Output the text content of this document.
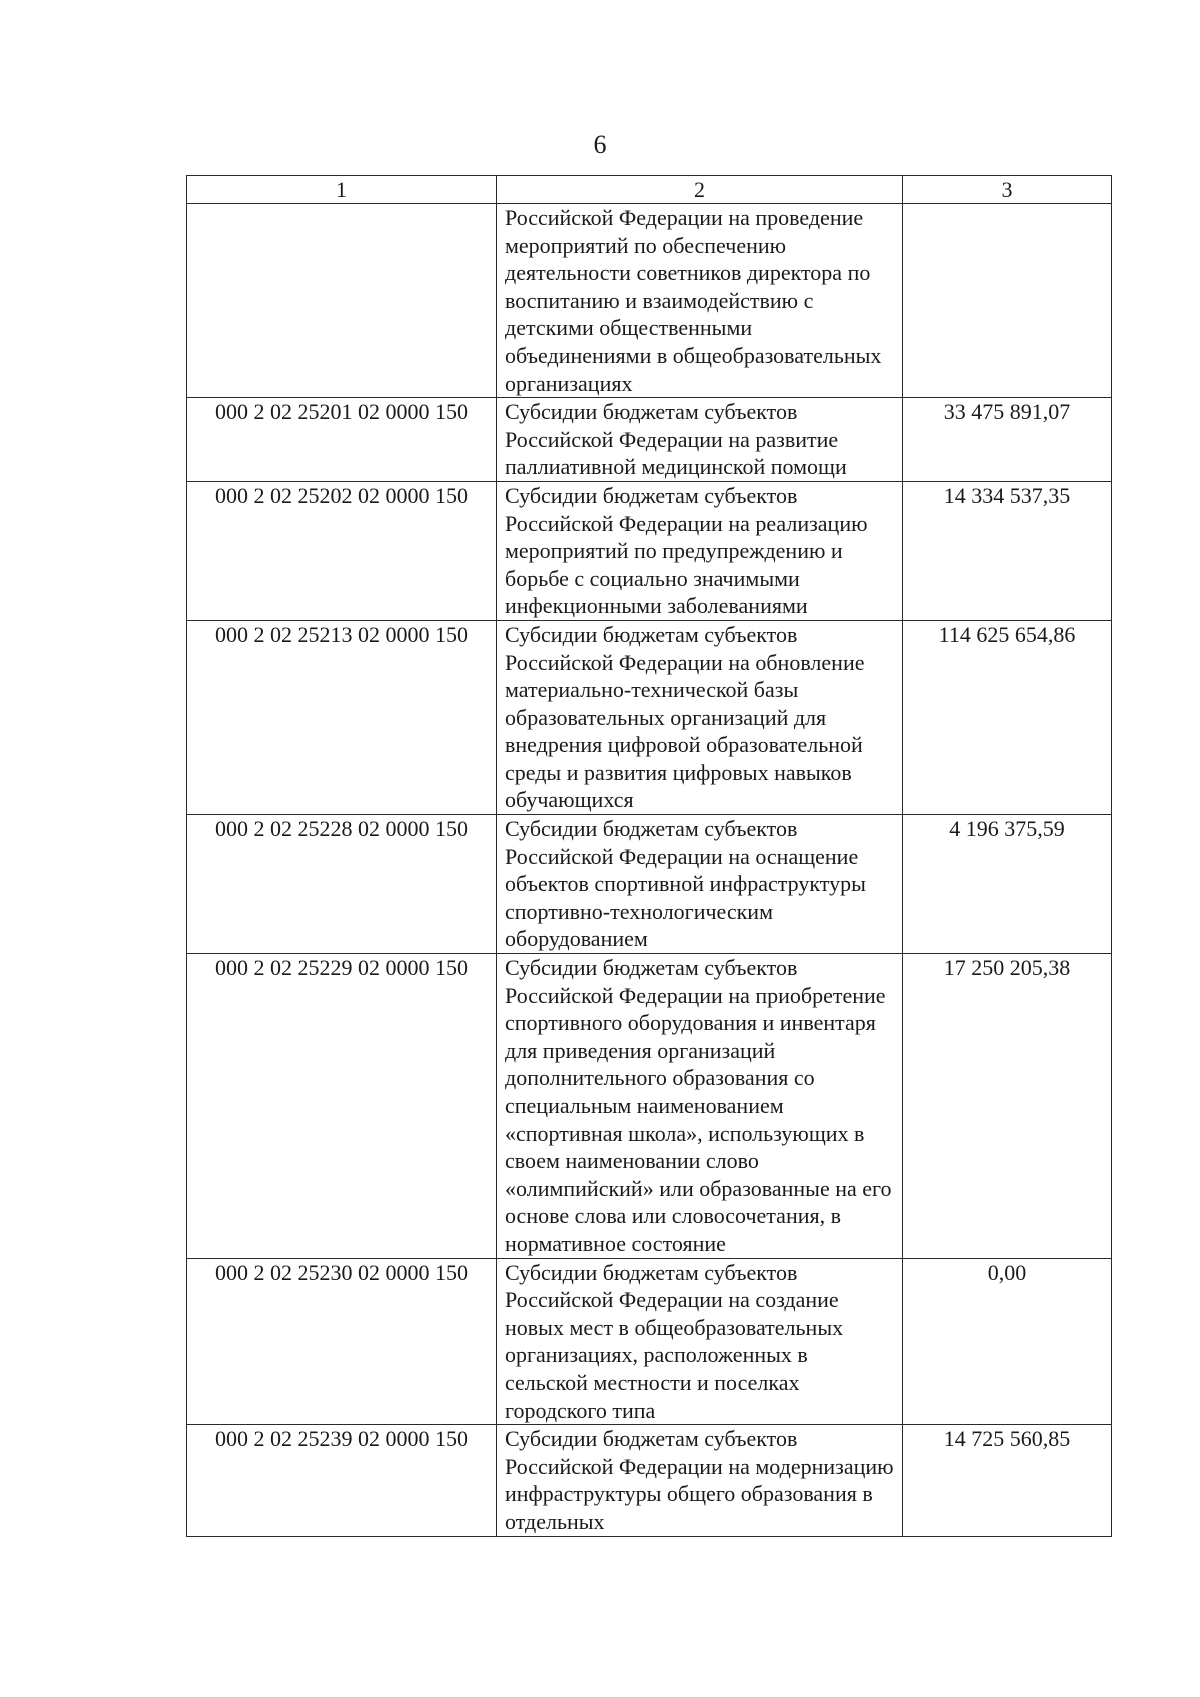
6
1	2	3
	Российской Федерации на проведение мероприятий по обеспечению деятельности советников директора по воспитанию и взаимодействию с детскими общественными объединениями в общеобразовательных организациях	
000 2 02 25201 02 0000 150	Субсидии бюджетам субъектов Российской Федерации на развитие паллиативной медицинской помощи	33 475 891,07
000 2 02 25202 02 0000 150	Субсидии бюджетам субъектов Российской Федерации на реализацию мероприятий по предупреждению и борьбе с социально значимыми инфекционными заболеваниями	14 334 537,35
000 2 02 25213 02 0000 150	Субсидии бюджетам субъектов Российской Федерации на обновление материально-технической базы образовательных организаций для внедрения цифровой образовательной среды и развития цифровых навыков обучающихся	114 625 654,86
000 2 02 25228 02 0000 150	Субсидии бюджетам субъектов Российской Федерации на оснащение объектов спортивной инфраструктуры спортивно-технологическим оборудованием	4 196 375,59
000 2 02 25229 02 0000 150	Субсидии бюджетам субъектов Российской Федерации на приобретение спортивного оборудования и инвентаря для приведения организаций дополнительного образования со специальным наименованием «спортивная школа», использующих в своем наименовании слово «олимпийский» или образованные на его основе слова или словосочетания, в нормативное состояние	17 250 205,38
000 2 02 25230 02 0000 150	Субсидии бюджетам субъектов Российской Федерации на создание новых мест в общеобразовательных организациях, расположенных в сельской местности и поселках городского типа	0,00
000 2 02 25239 02 0000 150	Субсидии бюджетам субъектов Российской Федерации на модернизацию инфраструктуры общего образования в отдельных	14 725 560,85
